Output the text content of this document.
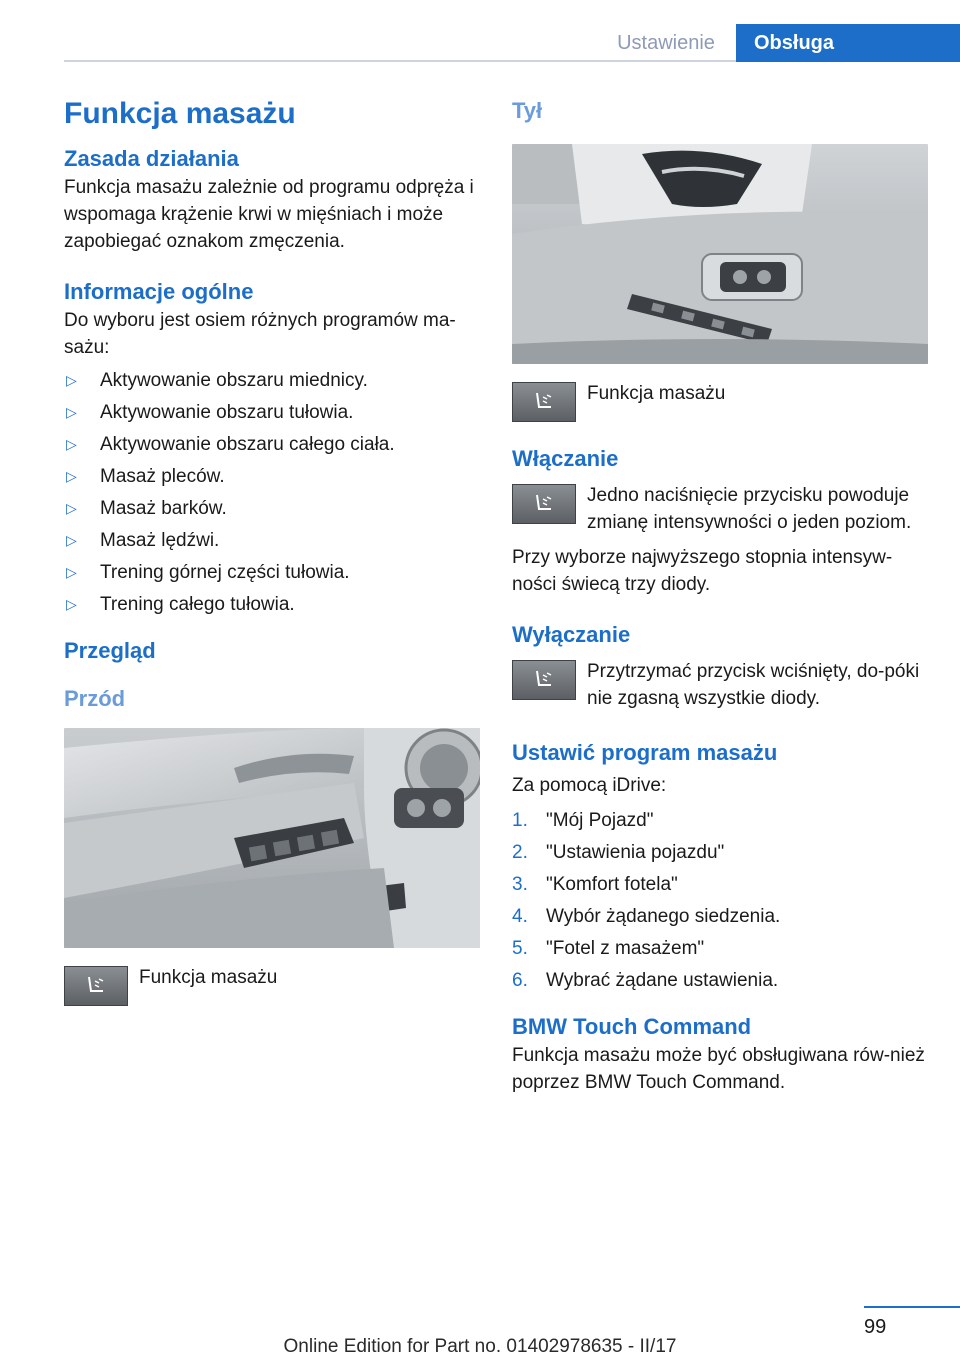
Ustawienie	Obsługa
Funkcja masażu
Zasada działania

Funkcja masażu zależnie od programu odpręża i wspomaga krążenie krwi w mięśniach i może zapobiegać oznakom zmęczenia.

Informacje ogólne

Do wyboru jest osiem różnych programów ma‐sażu:

▷	Aktywowanie obszaru miednicy.
▷	Aktywowanie obszaru tułowia.
▷	Aktywowanie obszaru całego ciała.
▷	Masaż pleców.
▷	Masaż barków.
▷	Masaż lędźwi.
▷	Trening górnej części tułowia.
▷	Trening całego tułowia.
Przegląd
Przód

Funkcja masażu

Tył

Funkcja masażu

Włączanie

Jedno naciśnięcie przycisku powoduje zmianę intensywności o jeden poziom.

Przy wyborze najwyższego stopnia intensyw‐ności świecą trzy diody.

Wyłączanie

Przytrzymać przycisk wciśnięty, do‐póki nie zgasną wszystkie diody.

Ustawić program masażu

Za pomocą iDrive:

1. "Mój Pojazd"
2. "Ustawienia pojazdu"
3. "Komfort fotela"
4. Wybór żądanego siedzenia.
5. "Fotel z masażem"
6. Wybrać żądane ustawienia.
BMW Touch Command

Funkcja masażu może być obsługiwana rów‐nież poprzez BMW Touch Command.

99
Online Edition for Part no. 01402978635 - II/17
